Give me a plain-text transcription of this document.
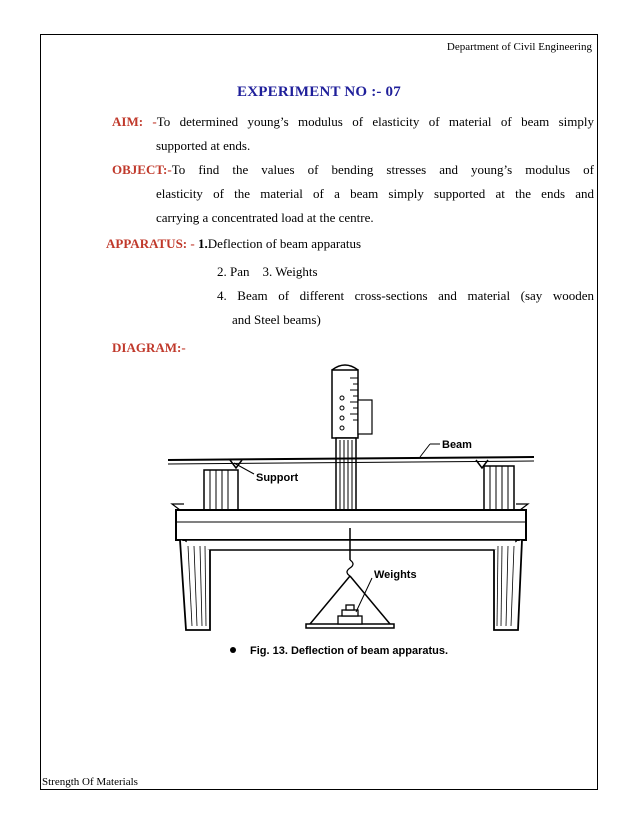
Department of Civil Engineering
EXPERIMENT NO :- 07
AIM: -To determined young’s modulus of elasticity of material of beam simply
supported at ends.
OBJECT:-To find the values of bending stresses and young’s modulus of
elasticity of the material of a beam simply supported at the ends and
carrying a concentrated load at the centre.
APPARATUS: - 1.Deflection of beam apparatus
2. Pan 3. Weights
4. Beam of different cross-sections and material (say wooden
and Steel beams)
DIAGRAM:-
Beam
Support
Weights
Fig. 13. Deflection of beam apparatus.
Strength Of Materials
